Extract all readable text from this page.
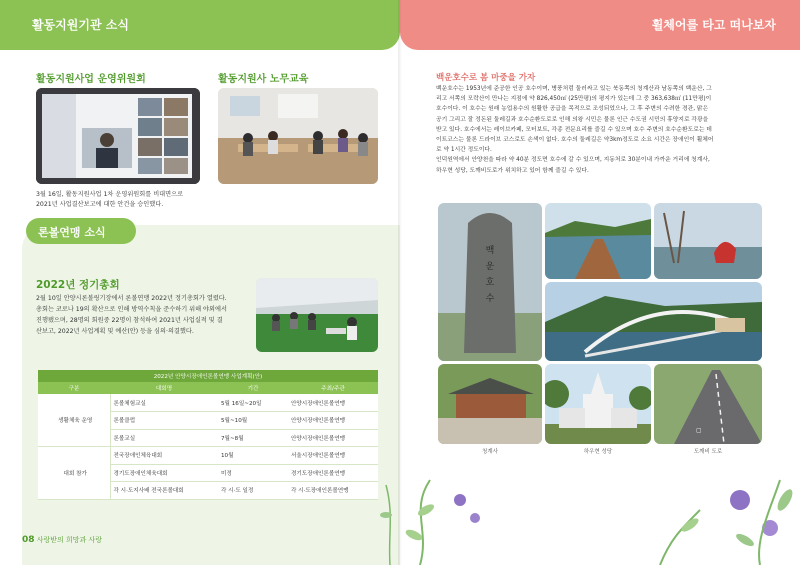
활동지원기관 소식
활동지원사업 운영위원회	활동지원사 노무교육
3월 16일, 활동지원사업 1차 운영위원회를 비대면으로
2021년 사업결산보고에 대한 안건을 승인했다.
론볼연맹 소식
2022년 정기총회
2월 10일 안양시론볼링기장에서 론볼연맹 2022년 정기총회가 열렸다.
총회는 코로나 19의 확산으로 인해 방역수칙을 준수하기 위해 야외에서
진행됐으며, 28명의 회원중 22명이 참석하여 2021년 사업실적 및 결
산보고, 2022년 사업계획 및 예산(안) 등을 심의·의결했다.
2022년 안양시장애인론볼연맹 사업계획(안)			
구분	대회명	기간	주최/주관
생활체육 운영	론볼체험교실	5월 16일~20일	안양시장애인론볼연맹
	론볼클럽	5월~10월	안양시장애인론볼연맹
	론볼교실	7월~8월	안양시장애인론볼연맹
대회 참가	전국장애인체육대회	10월	서울시장애인론볼연맹
	경기도장애인체육대회	미정	경기도장애인론볼연맹
	각 시·도지사배 전국론볼대회	각 시·도 일정	각 시·도장애인론볼연맹
08 사랑받의 희망과 사랑
휠체어를 타고 떠나보자
백운호수로 봄 마중을 가자
백운호수는 1953년에 준공한 인공 호수이며, 병풍처럼 둘러싸고 있는 북동쪽의 청계산과 남동쪽의 백운산, 그
리고 서쪽의 모락산이 만나는 지점에 약 826,450㎡ (25만평)의 평지가 있는데 그 중 363,638㎡ (11만평)이
호수이다. 이 호수는 원래 농업용수의 원활한 공급을 목적으로 조성되었으나, 그 후 주변의 수려한 경관, 맑은
공기 그리고 잘 정돈된 둘레길과 호수순환도로로 인해 의왕 시민은 물론 인근 수도권 시민의 휴양지로 각광을
받고 있다. 호수에서는 레이브카페, 모터보트, 각종 전문요리를 즐길 수 있으며 호수 주변의 호수순환도로는 데
이트코스는 물론 드라이브 코스로도 손색이 없다. 호수의 둘레길은 약3km정도로 소요 시간은 장애인이 휠체어
로 약 1시간 정도이다.
인덕원역에서 안양천을 따라 약 40분 정도면 호수에 갈 수 있으며, 지동처로 30분이내 가까운 거리에 청계사,
하우현 성당, 도깨비도로가 위치하고 있어 함께 즐길 수 있다.
백
운
호
수
▢
청계사	하우현 성당	도깨비 도로
